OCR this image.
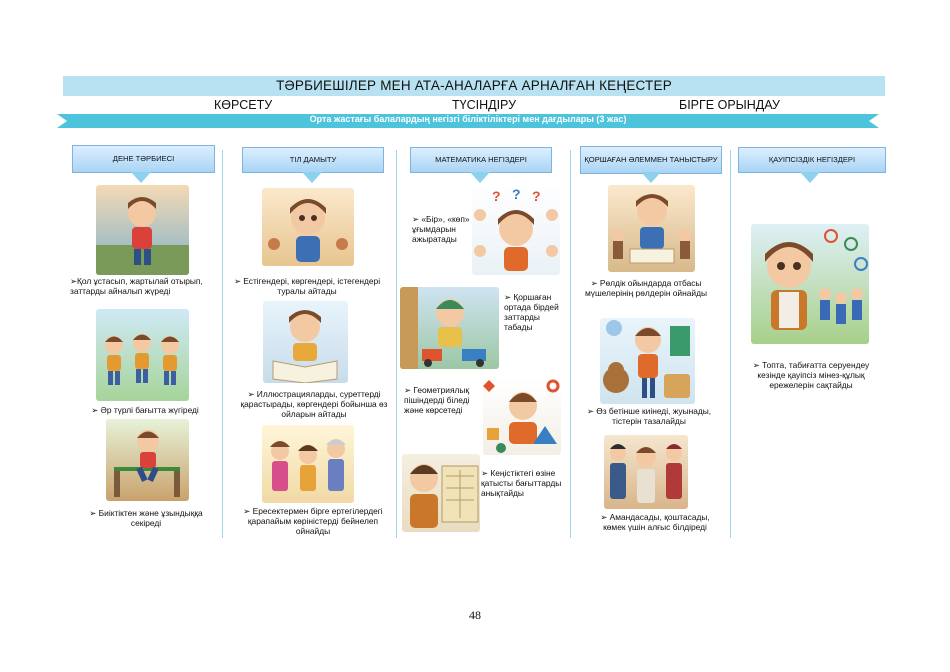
ТӘРБИЕШІЛЕР МЕН АТА-АНАЛАРҒА АРНАЛҒАН КЕҢЕСТЕР
КӨРСЕТУ	ТҮСІНДІРУ	БІРГЕ ОРЫНДАУ
Орта жастағы балалардың негізгі біліктіліктері мен дағдылары (3 жас)
ДЕНЕ ТӘРБИЕСІ	ТІЛ ДАМЫТУ	МАТЕМАТИКА НЕГІЗДЕРІ	ҚОРШАҒАН ӘЛЕММЕН ТАНЫСТЫРУ	ҚАУІПСІЗДІК НЕГІЗДЕРІ
➢Қол ұстасып, жартылай отырып, заттарды айналып жүреді
➢ Әр түрлі бағытта жүгіреді
➢ Биіктіктен және ұзындыққа секіреді
➢ Естігендері, көргендері, істегендері туралы айтады
➢ Иллюстрацияларды, суреттерді қарастырады, көргендері бойынша өз ойларын айтады
➢ Ересектермен бірге ертегілердегі қарапайым көріністерді бейнелеп ойнайды
? ? ?
➢ «Бір», «көп» ұғымдарын ажыратады
➢ Қоршаған ортада бірдей заттарды табады
➢ Геометриялық пішіндерді біледі және көрсетеді
➢ Кеңістіктегі өзіне қатысты бағыттарды анықтайды
➢ Рөлдік ойындарда отбасы мүшелерінің рөлдерін ойнайды
➢ Өз бетінше киінеді, жуынады, тістерін тазалайды
➢ Амандасады, қоштасады, көмек үшін алғыс білдіреді
➢ Топта, табиғатта серуендеу кезінде қауіпсіз мінез-құлық ережелерін сақтайды
48
